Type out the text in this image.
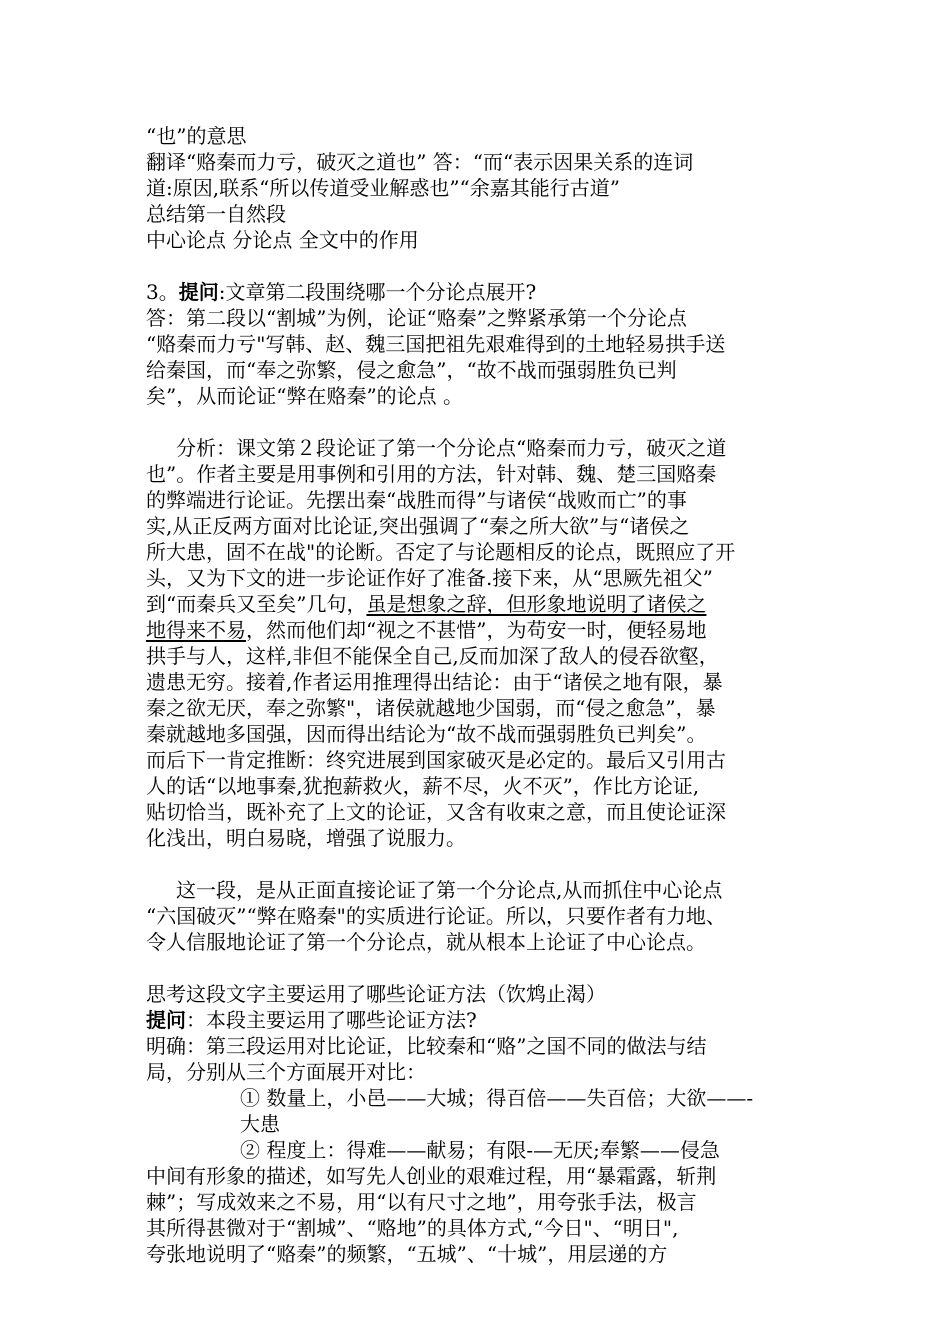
“也”的意思
翻译“赂秦而力亏，破灭之道也” 答：“而“表示因果关系的连词
道:原因,联系“所以传道受业解惑也”“余嘉其能行古道”
总结第一自然段
中心论点 分论点 全文中的作用
3。提问:文章第二段围绕哪一个分论点展开?
答：第二段以“割城”为例，论证“赂秦”之弊紧承第一个分论点
“赂秦而力亏"写韩、赵、魏三国把祖先艰难得到的土地轻易拱手送
给秦国，而“奉之弥繁，侵之愈急”，“故不战而强弱胜负已判
矣”，从而论证“弊在赂秦”的论点 。
分析：课文第２段论证了第一个分论点“赂秦而力亏，破灭之道
也”。作者主要是用事例和引用的方法，针对韩、魏、楚三国赂秦
的弊端进行论证。先摆出秦“战胜而得”与诸侯“战败而亡”的事
实,从正反两方面对比论证,突出强调了“秦之所大欲”与“诸侯之
所大患，固不在战"的论断。否定了与论题相反的论点，既照应了开
头，又为下文的进一步论证作好了准备.接下来，从“思厥先祖父”
到“而秦兵又至矣”几句，虽是想象之辞，但形象地说明了诸侯之
地得来不易，然而他们却“视之不甚惜”，为苟安一时，便轻易地
拱手与人，这样,非但不能保全自己,反而加深了敌人的侵吞欲壑，
遗患无穷。接着,作者运用推理得出结论：由于“诸侯之地有限，暴
秦之欲无厌，奉之弥繁"，诸侯就越地少国弱，而“侵之愈急”，暴
秦就越地多国强，因而得出结论为“故不战而强弱胜负已判矣”。
而后下一肯定推断：终究进展到国家破灭是必定的。最后又引用古
人的话“以地事秦,犹抱薪救火，薪不尽，火不灭”，作比方论证,
贴切恰当，既补充了上文的论证，又含有收束之意，而且使论证深
化浅出，明白易晓，增强了说服力。
这一段，是从正面直接论证了第一个分论点,从而抓住中心论点
“六国破灭”“弊在赂秦"的实质进行论证。所以，只要作者有力地、
令人信服地论证了第一个分论点，就从根本上论证了中心论点。
思考这段文字主要运用了哪些论证方法（饮鸩止渴）
提问：本段主要运用了哪些论证方法?
明确：第三段运用对比论证，比较秦和“赂”之国不同的做法与结
局，分别从三个方面展开对比：
① 数量上，小邑——大城；得百倍——失百倍；大欲——-
大患
② 程度上：得难——献易；有限-—无厌;奉繁——侵急
中间有形象的描述，如写先人创业的艰难过程，用“暴霜露，斩荆
棘”；写成效来之不易，用“以有尺寸之地”，用夸张手法，极言
其所得甚微对于“割城”、“赂地”的具体方式,“今日"、“明日",
夸张地说明了“赂秦”的频繁，“五城”、“十城”，用层递的方
